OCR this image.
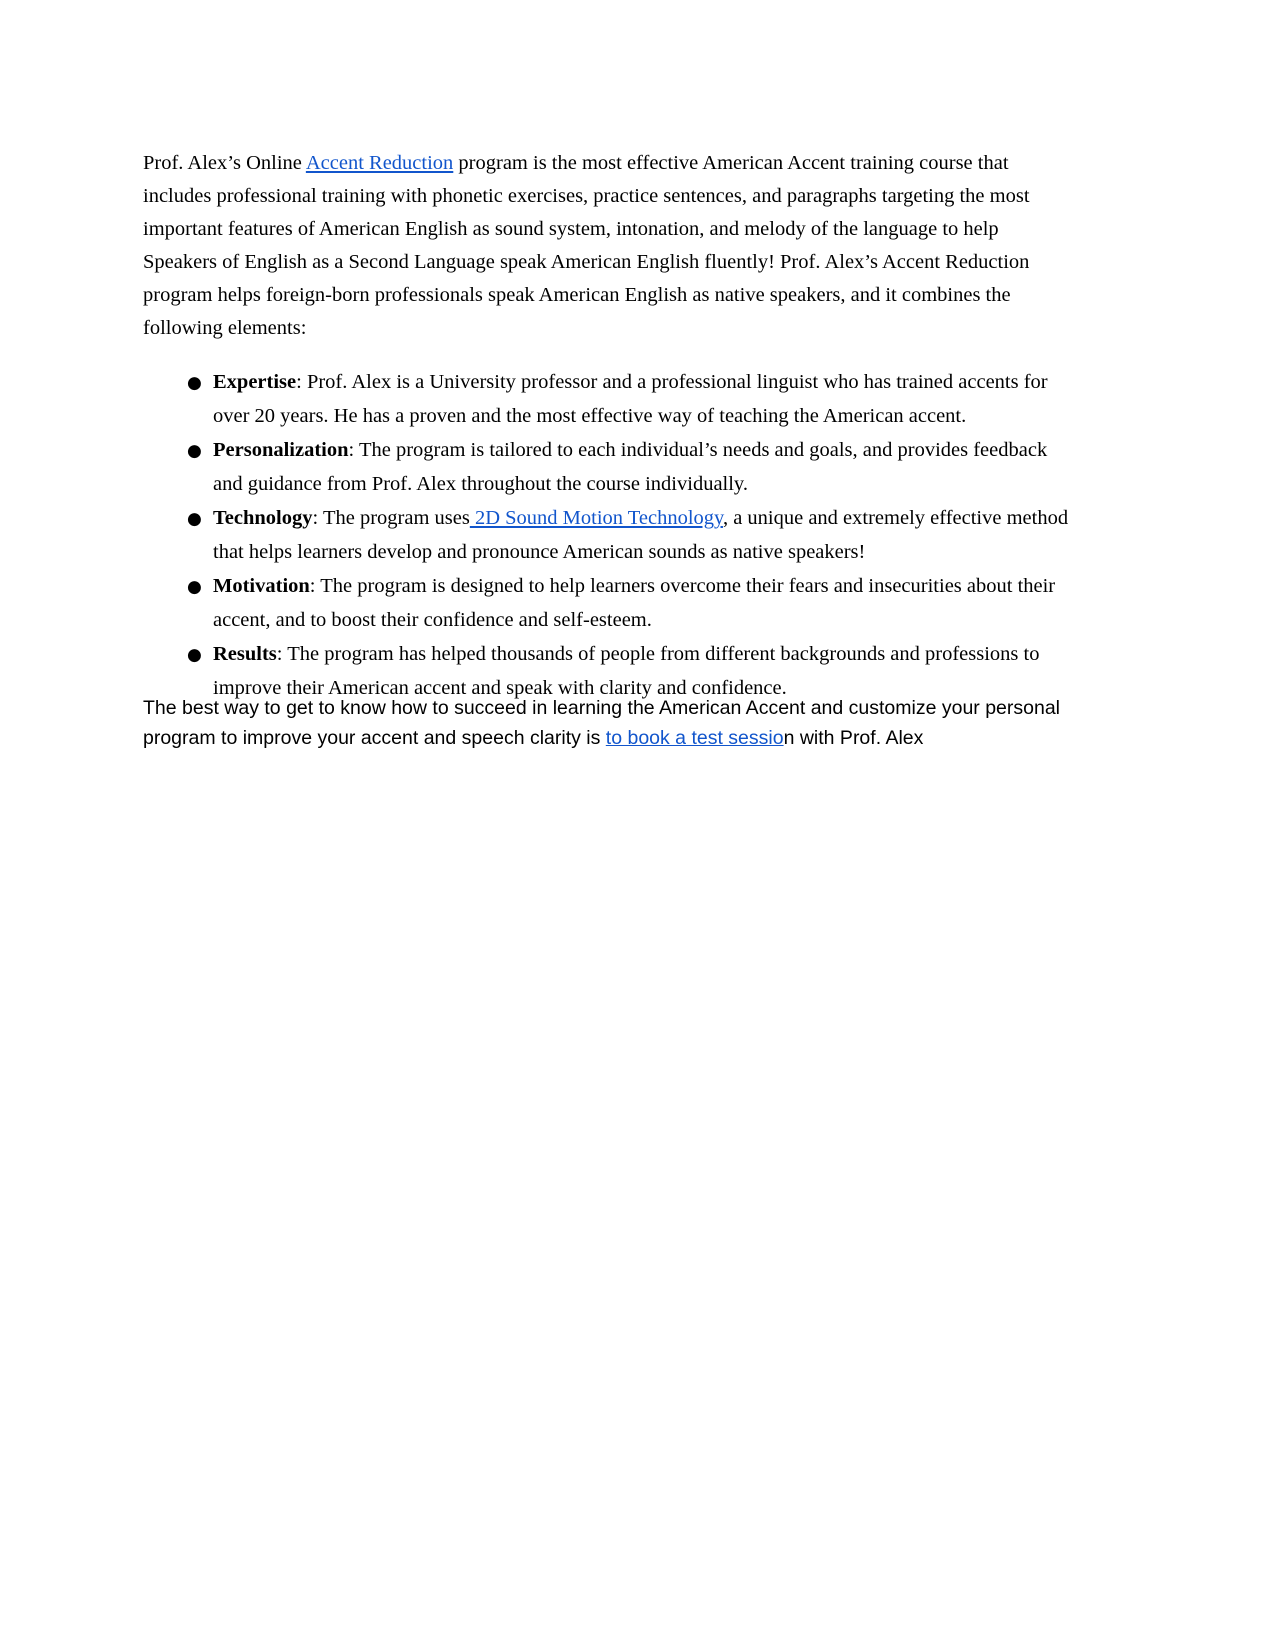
Prof. Alex’s Online Accent Reduction program is the most effective American Accent training course that includes professional training with phonetic exercises, practice sentences, and paragraphs targeting the most important features of American English as sound system, intonation, and melody of the language to help Speakers of English as a Second Language speak American English fluently! Prof. Alex’s Accent Reduction program helps foreign-born professionals speak American English as native speakers, and it combines the following elements:

● Expertise: Prof. Alex is a University professor and a professional linguist who has trained accents for over 20 years. He has a proven and the most effective way of teaching the American accent.
● Personalization: The program is tailored to each individual’s needs and goals, and provides feedback and guidance from Prof. Alex throughout the course individually.
● Technology: The program uses 2D Sound Motion Technology, a unique and extremely effective method that helps learners develop and pronounce American sounds as native speakers!
● Motivation: The program is designed to help learners overcome their fears and insecurities about their accent, and to boost their confidence and self-esteem.
● Results: The program has helped thousands of people from different backgrounds and professions to improve their American accent and speak with clarity and confidence.

The best way to get to know how to succeed in learning the American Accent and customize your personal program to improve your accent and speech clarity is to book a test session with Prof. Alex
